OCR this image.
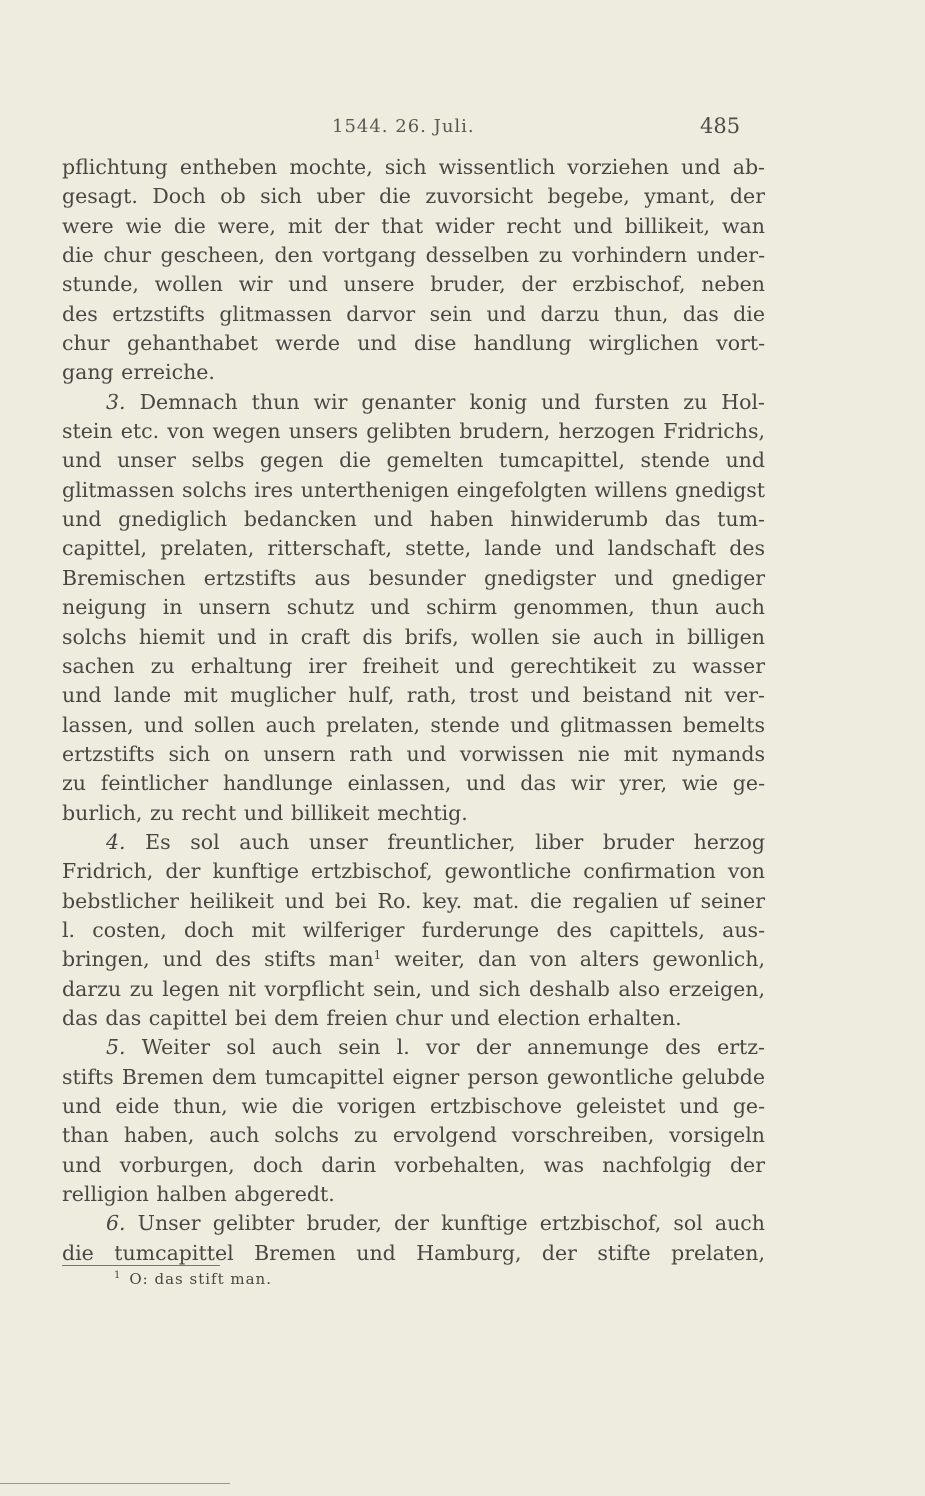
1544. 26. Juli.	485
pflichtung entheben mochte, sich wissentlich vorziehen und ab-
gesagt. Doch ob sich uber die zuvorsicht begebe, ymant, der
were wie die were, mit der that wider recht und billikeit, wan
die chur gescheen, den vortgang desselben zu vorhindern under-
stunde, wollen wir und unsere bruder, der erzbischof, neben
des ertzstifts glitmassen darvor sein und darzu thun, das die
chur gehanthabet werde und dise handlung wirglichen vort-
gang erreiche.
3. Demnach thun wir genanter konig und fursten zu Hol-
stein etc. von wegen unsers gelibten brudern, herzogen Fridrichs,
und unser selbs gegen die gemelten tumcapittel, stende und
glitmassen solchs ires unterthenigen eingefolgten willens gnedigst
und gnediglich bedancken und haben hinwiderumb das tum-
capittel, prelaten, ritterschaft, stette, lande und landschaft des
Bremischen ertzstifts aus besunder gnedigster und gnediger
neigung in unsern schutz und schirm genommen, thun auch
solchs hiemit und in craft dis brifs, wollen sie auch in billigen
sachen zu erhaltung irer freiheit und gerechtikeit zu wasser
und lande mit muglicher hulf, rath, trost und beistand nit ver-
lassen, und sollen auch prelaten, stende und glitmassen bemelts
ertzstifts sich on unsern rath und vorwissen nie mit nymands
zu feintlicher handlunge einlassen, und das wir yrer, wie ge-
burlich, zu recht und billikeit mechtig.
4. Es sol auch unser freuntlicher, liber bruder herzog
Fridrich, der kunftige ertzbischof, gewontliche confirmation von
bebstlicher heilikeit und bei Ro. key. mat. die regalien uf seiner
l. costen, doch mit wilferiger furderunge des capittels, aus-
bringen, und des stifts man$^1$ weiter, dan von alters gewonlich,
darzu zu legen nit vorpflicht sein, und sich deshalb also erzeigen,
das das capittel bei dem freien chur und election erhalten.
5. Weiter sol auch sein l. vor der annemunge des ertz-
stifts Bremen dem tumcapittel eigner person gewontliche gelubde
und eide thun, wie die vorigen ertzbischove geleistet und ge-
than haben, auch solchs zu ervolgend vorschreiben, vorsigeln
und vorburgen, doch darin vorbehalten, was nachfolgig der
relligion halben abgeredt.
6. Unser gelibter bruder, der kunftige ertzbischof, sol auch
die tumcapittel Bremen und Hamburg, der stifte prelaten,
$^1$ O: das stift man.
